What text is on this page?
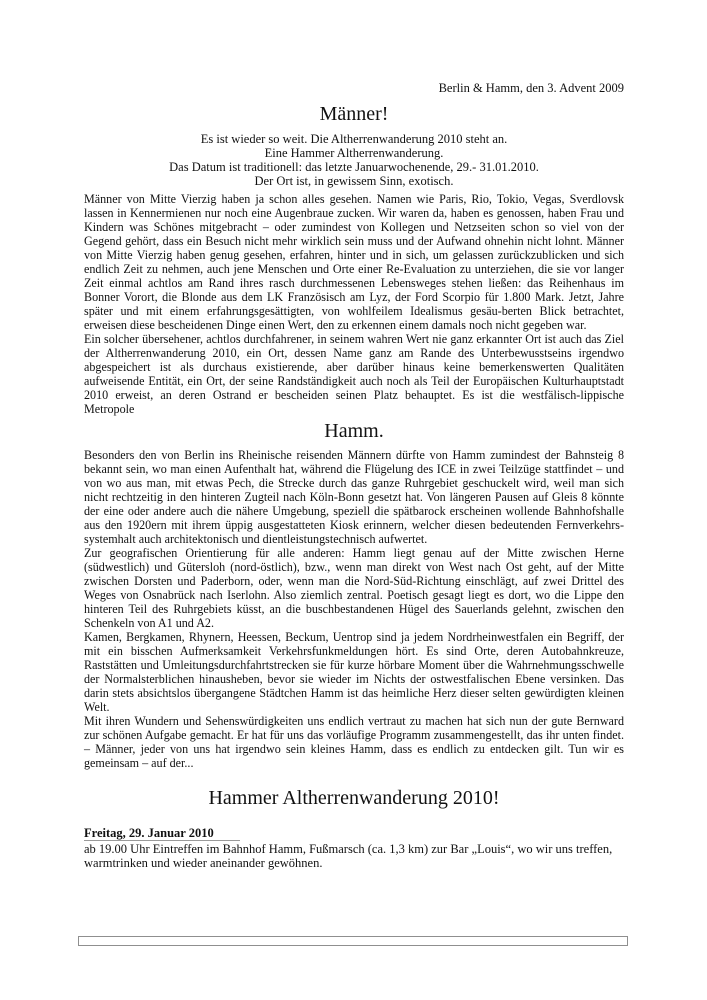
Berlin & Hamm, den 3. Advent 2009
Männer!
Es ist wieder so weit. Die Altherrenwanderung 2010 steht an.
Eine Hammer Altherrenwanderung.
Das Datum ist traditionell: das letzte Januarwochenende, 29.- 31.01.2010.
Der Ort ist, in gewissem Sinn, exotisch.

Männer von Mitte Vierzig haben ja schon alles gesehen. Namen wie Paris, Rio, Tokio, Vegas, Sverdlovsk lassen in Kennermienen nur noch eine Augenbraue zucken. Wir waren da, haben es genossen, haben Frau und Kindern was Schönes mitgebracht – oder zumindest von Kollegen und Netzseiten schon so viel von der Gegend gehört, dass ein Besuch nicht mehr wirklich sein muss und der Aufwand ohnehin nicht lohnt. Männer von Mitte Vierzig haben genug gesehen, erfahren, hinter und in sich, um gelassen zurückzublicken und sich endlich Zeit zu nehmen, auch jene Menschen und Orte einer Re-Evaluation zu unterziehen, die sie vor langer Zeit einmal achtlos am Rand ihres rasch durchmessenen Lebensweges stehen ließen: das Reihenhaus im Bonner Vorort, die Blonde aus dem LK Französisch am Lyz, der Ford Scorpio für 1.800 Mark. Jetzt, Jahre später und mit einem erfahrungsgesättigten, von wohlfeilem Idealismus gesäu-berten Blick betrachtet, erweisen diese bescheidenen Dinge einen Wert, den zu erkennen einem damals noch nicht gegeben war.

Ein solcher übersehener, achtlos durchfahrener, in seinem wahren Wert nie ganz erkannter Ort ist auch das Ziel der Altherrenwanderung 2010, ein Ort, dessen Name ganz am Rande des Unterbewusstseins irgendwo abgespeichert ist als durchaus existierende, aber darüber hinaus keine bemerkenswerten Qualitäten aufweisende Entität, ein Ort, der seine Randständigkeit auch noch als Teil der Europäischen Kulturhauptstadt 2010 erweist, an deren Ostrand er bescheiden seinen Platz behauptet. Es ist die westfälisch-lippische Metropole

Hamm.

Besonders den von Berlin ins Rheinische reisenden Männern dürfte von Hamm zumindest der Bahnsteig 8 bekannt sein, wo man einen Aufenthalt hat, während die Flügelung des ICE in zwei Teilzüge stattfindet – und von wo aus man, mit etwas Pech, die Strecke durch das ganze Ruhrgebiet geschuckelt wird, weil man sich nicht rechtzeitig in den hinteren Zugteil nach Köln-Bonn gesetzt hat. Von längeren Pausen auf Gleis 8 könnte der eine oder andere auch die nähere Umgebung, speziell die spätbarock erscheinen wollende Bahnhofshalle aus den 1920ern mit ihrem üppig ausgestatteten Kiosk erinnern, welcher diesen bedeutenden Fernverkehrs-systemhalt auch architektonisch und dientleistungstechnisch aufwertet.

Zur geografischen Orientierung für alle anderen: Hamm liegt genau auf der Mitte zwischen Herne (südwestlich) und Gütersloh (nord-östlich), bzw., wenn man direkt von West nach Ost geht, auf der Mitte zwischen Dorsten und Paderborn, oder, wenn man die Nord-Süd-Richtung einschlägt, auf zwei Drittel des Weges von Osnabrück nach Iserlohn. Also ziemlich zentral. Poetisch gesagt liegt es dort, wo die Lippe den hinteren Teil des Ruhrgebiets küsst, an die buschbestandenen Hügel des Sauerlands gelehnt, zwischen den Schenkeln von A1 und A2.

Kamen, Bergkamen, Rhynern, Heessen, Beckum, Uentrop sind ja jedem Nordrheinwestfalen ein Begriff, der mit ein bisschen Aufmerksamkeit Verkehrsfunkmeldungen hört. Es sind Orte, deren Autobahnkreuze, Raststätten und Umleitungsdurchfahrtstrecken sie für kurze hörbare Moment über die Wahrnehmungsschwelle der Normalsterblichen hinausheben, bevor sie wieder im Nichts der ostwestfalischen Ebene versinken. Das darin stets absichtslos übergangene Städtchen Hamm ist das heimliche Herz dieser selten gewürdigten kleinen Welt.

Mit ihren Wundern und Sehenswürdigkeiten uns endlich vertraut zu machen hat sich nun der gute Bernward zur schönen Aufgabe gemacht. Er hat für uns das vorläufige Programm zusammengestellt, das ihr unten findet. – Männer, jeder von uns hat irgendwo sein kleines Hamm, dass es endlich zu entdecken gilt. Tun wir es gemeinsam – auf der...

Hammer Altherrenwanderung 2010!
Freitag, 29. Januar 2010

ab 19.00 Uhr Eintreffen im Bahnhof Hamm, Fußmarsch (ca. 1,3 km) zur Bar „Louis“, wo wir uns treffen, warmtrinken und wieder aneinander gewöhnen.
